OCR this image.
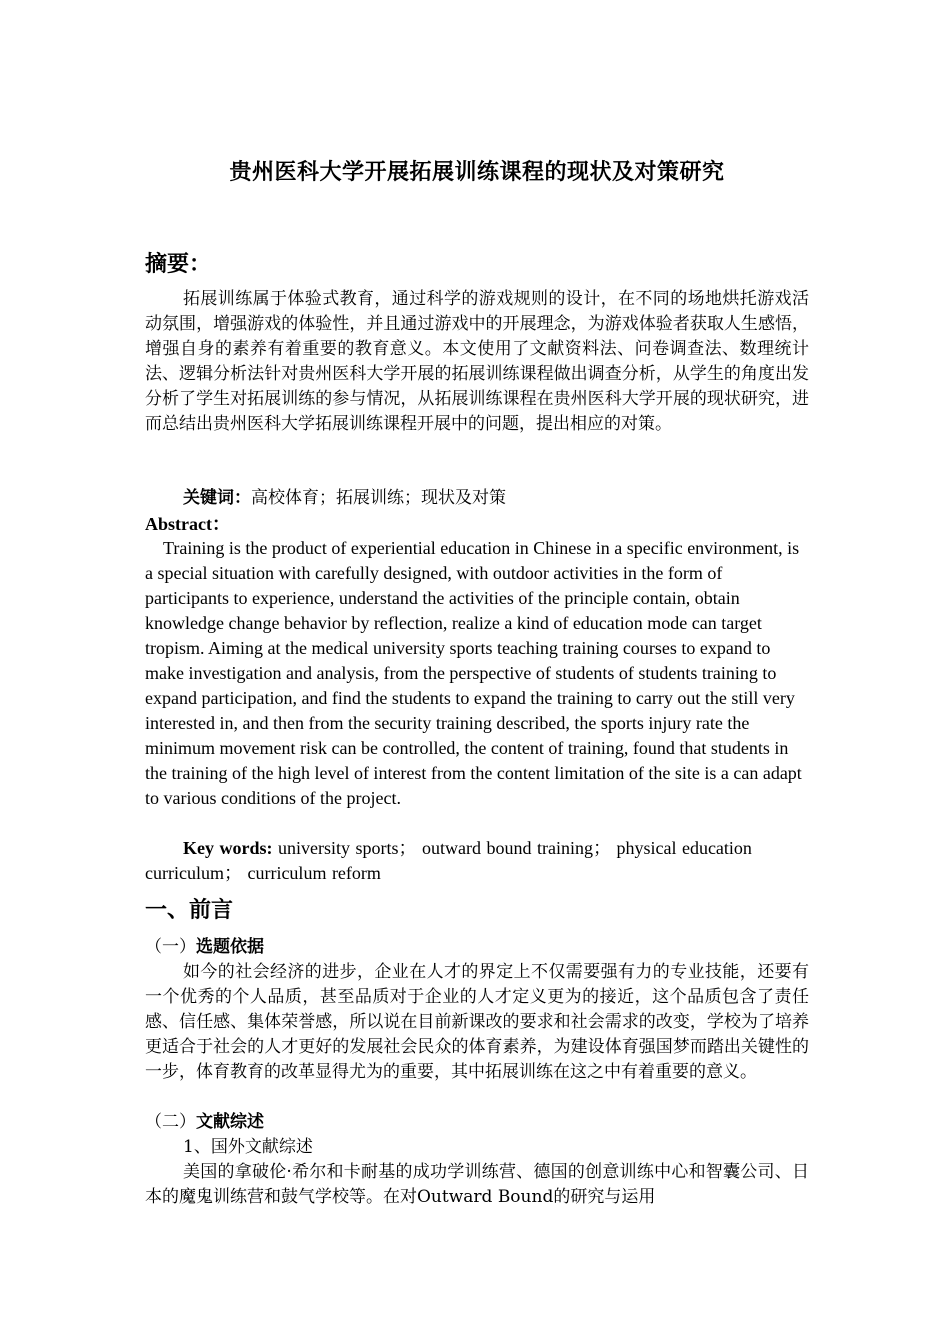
贵州医科大学开展拓展训练课程的现状及对策研究
摘要：

拓展训练属于体验式教育，通过科学的游戏规则的设计，在不同的场地烘托游戏活动氛围，增强游戏的体验性，并且通过游戏中的开展理念，为游戏体验者获取人生感悟，增强自身的素养有着重要的教育意义。本文使用了文献资料法、问卷调查法、数理统计法、逻辑分析法针对贵州医科大学开展的拓展训练课程做出调查分析，从学生的角度出发分析了学生对拓展训练的参与情况，从拓展训练课程在贵州医科大学开展的现状研究，进而总结出贵州医科大学拓展训练课程开展中的问题，提出相应的对策。

关键词：高校体育；拓展训练；现状及对策
Abstract：

Training is the product of experiential education in Chinese in a specific environment, is a special situation with carefully designed, with outdoor activities in the form of participants to experience, understand the activities of the principle contain, obtain knowledge change behavior by reflection, realize a kind of education mode can target tropism. Aiming at the medical university sports teaching training courses to expand to make investigation and analysis, from the perspective of students of students training to expand participation, and find the students to expand the training to carry out the still very interested in, and then from the security training described, the sports injury rate the minimum movement risk can be controlled, the content of training, found that students in the training of the high level of interest from the content limitation of the site is a can adapt to various conditions of the project.

Key words: university sports； outward bound training； physical education curriculum； curriculum reform

一、前言
（一）选题依据

如今的社会经济的进步，企业在人才的界定上不仅需要强有力的专业技能，还要有一个优秀的个人品质，甚至品质对于企业的人才定义更为的接近，这个品质包含了责任感、信任感、集体荣誉感，所以说在目前新课改的要求和社会需求的改变，学校为了培养更适合于社会的人才更好的发展社会民众的体育素养，为建设体育强国梦而踏出关键性的一步，体育教育的改革显得尤为的重要，其中拓展训练在这之中有着重要的意义。

（二）文献综述
1、国外文献综述

美国的拿破伦·希尔和卡耐基的成功学训练营、德国的创意训练中心和智囊公司、日本的魔鬼训练营和鼓气学校等。在对Outward Bound的研究与运用
